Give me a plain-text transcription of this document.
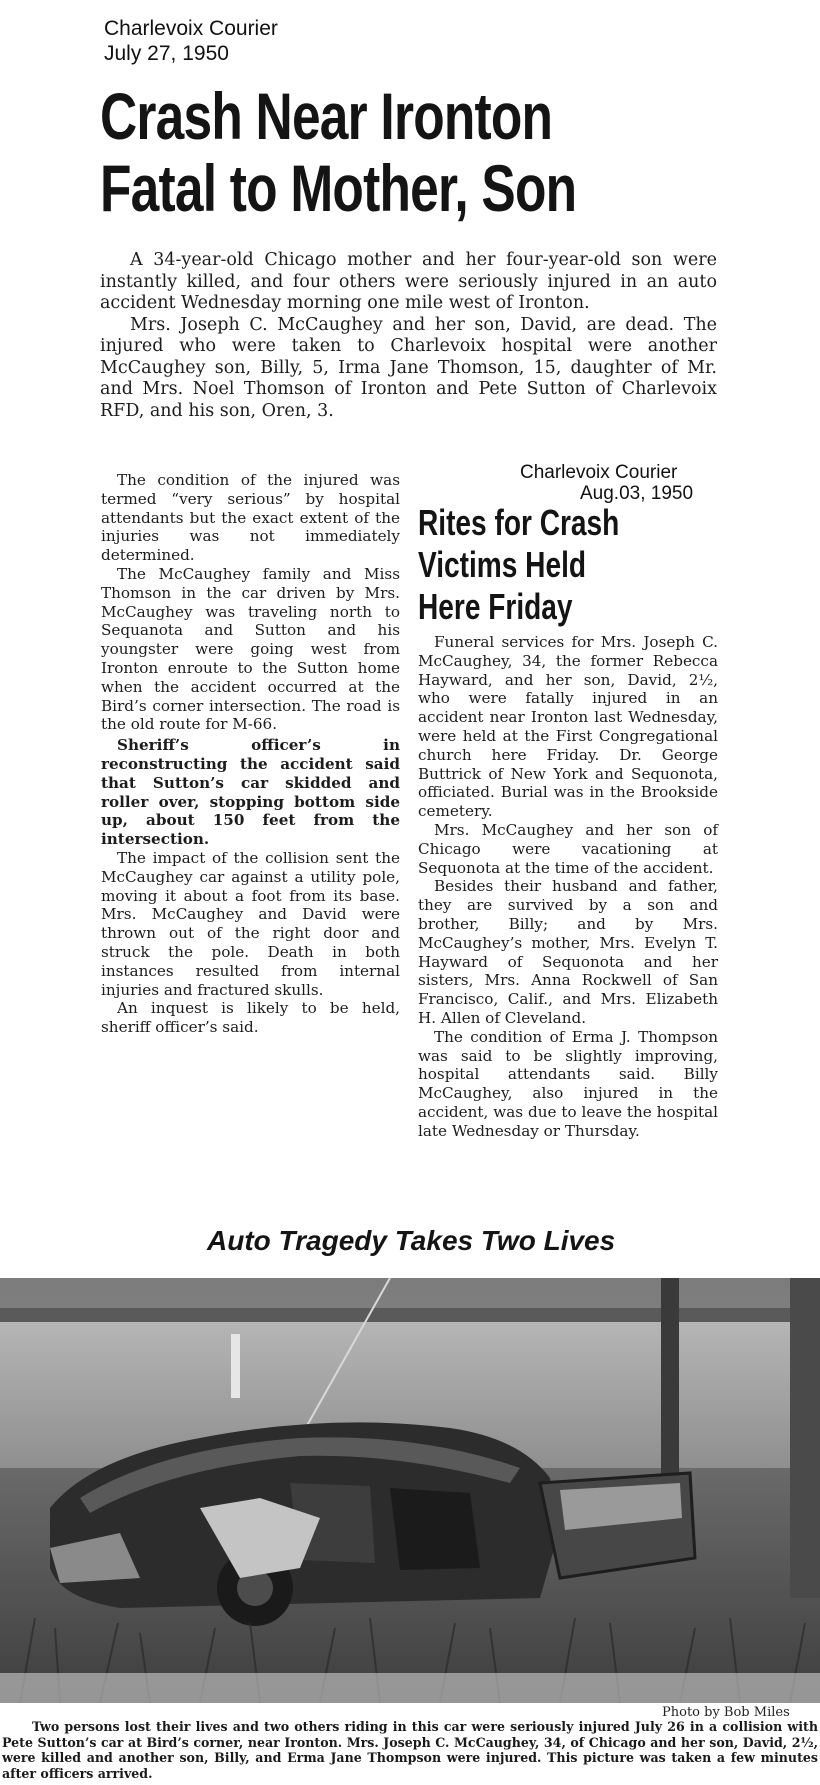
Charlevoix Courier
July 27, 1950
Crash Near Ironton
Fatal to Mother, Son

A 34-year-old Chicago mother and her four-year-old son were instantly killed, and four others were seriously injured in an auto accident Wednesday morning one mile west of Ironton.

Mrs. Joseph C. McCaughey and her son, David, are dead. The injured who were taken to Charlevoix hospital were another McCaughey son, Billy, 5, Irma Jane Thomson, 15, daughter of Mr. and Mrs. Noel Thomson of Ironton and Pete Sutton of Charlevoix RFD, and his son, Oren, 3.

The condition of the injured was termed “very serious” by hospital attendants but the exact extent of the injuries was not immediately determined.

The McCaughey family and Miss Thomson in the car driven by Mrs. McCaughey was traveling north to Sequanota and Sutton and his youngster were going west from Ironton enroute to the Sutton home when the accident occurred at the Bird’s corner intersection. The road is the old route for M-66.

Sheriff’s officer’s in reconstructing the accident said that Sutton’s car skidded and roller over, stopping bottom side up, about 150 feet from the intersection.

The impact of the collision sent the McCaughey car against a utility pole, moving it about a foot from its base. Mrs. McCaughey and David were thrown out of the right door and struck the pole. Death in both instances resulted from internal injuries and fractured skulls.

An inquest is likely to be held, sheriff officer’s said.

Charlevoix Courier
Aug.03, 1950
Rites for Crash
Victims Held
Here Friday

Funeral services for Mrs. Joseph C. McCaughey, 34, the former Rebecca Hayward, and her son, David, 2½, who were fatally injured in an accident near Ironton last Wednesday, were held at the First Congregational church here Friday. Dr. George Buttrick of New York and Sequonota, officiated. Burial was in the Brookside cemetery.

Mrs. McCaughey and her son of Chicago were vacationing at Sequonota at the time of the accident.

Besides their husband and father, they are survived by a son and brother, Billy; and by Mrs. McCaughey’s mother, Mrs. Evelyn T. Hayward of Sequonota and her sisters, Mrs. Anna Rockwell of San Francisco, Calif., and Mrs. Elizabeth H. Allen of Cleveland.

The condition of Erma J. Thompson was said to be slightly improving, hospital attendants said. Billy McCaughey, also injured in the accident, was due to leave the hospital late Wednesday or Thursday.

Auto Tragedy Takes Two Lives
Photo by Bob Miles

Two persons lost their lives and two others riding in this car were seriously injured July 26 in a collision with Pete Sutton’s car at Bird’s corner, near Ironton. Mrs. Joseph C. McCaughey, 34, of Chicago and her son, David, 2½, were killed and another son, Billy, and Erma Jane Thompson were injured. This picture was taken a few minutes after officers arrived.
